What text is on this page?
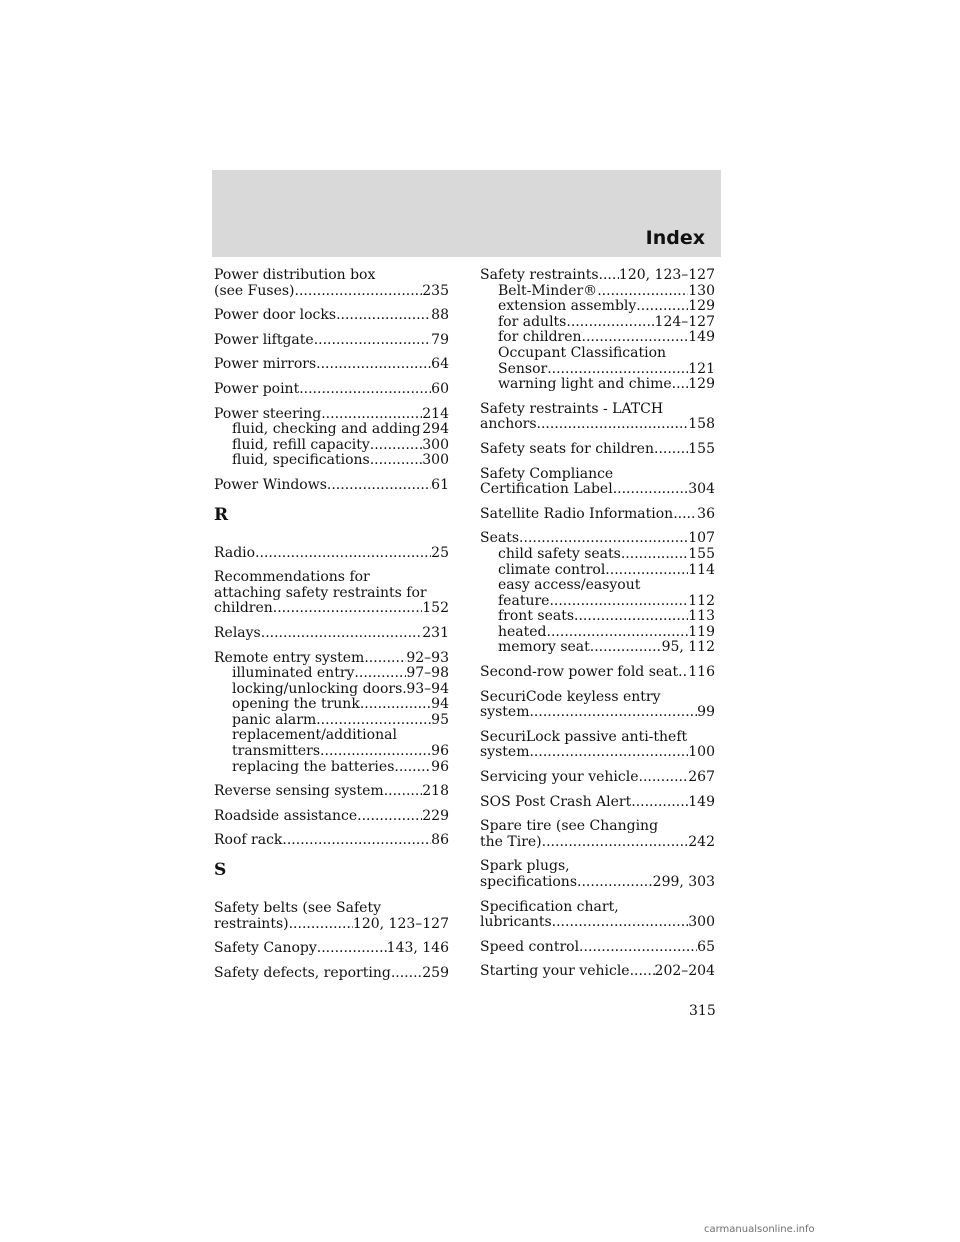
Index
Power distribution box
(see Fuses) .....	235
Power door locks .....	88
Power liftgate .....	79
Power mirrors .....	64
Power point .....	60
Power steering .....	214
fluid, checking and adding ..... 294
fluid, refill capacity .....	300
fluid, specifications .....	300
Power Windows .....	61
R
Radio .....	25
Recommendations for
attaching safety restraints for
children .....	152
Relays .....	231
Remote entry system .....	92–93
illuminated entry .....	97–98
locking/unlocking doors ..... 93–94
opening the trunk .....	94
panic alarm .....	95
replacement/additional
transmitters .....	96
replacing the batteries .....	96
Reverse sensing system .....	218
Roadside assistance .....	229
Roof rack .....	86
S
Safety belts (see Safety
restraints) .....	120, 123–127
Safety Canopy .....	143, 146
Safety defects, reporting ..... 259
Safety restraints ..... 120, 123–127
Belt-Minder® .....	130
extension assembly .....	129
for adults .....	124–127
for children .....	149
Occupant Classification
Sensor .....	121
warning light and chime ..... 129
Safety restraints - LATCH
anchors .....	158
Safety seats for children ..... 155
Safety Compliance
Certification Label .....	304
Satellite Radio Information ..... 36
Seats .....	107
child safety seats .....	155
climate control .....	114
easy access/easyout
feature .....	112
front seats .....	113
heated .....	119
memory seat .....	95, 112
Second-row power fold seat ..... 116
SecuriCode keyless entry
system .....	99
SecuriLock passive anti-theft
system .....	100
Servicing your vehicle .....	267
SOS Post Crash Alert .....	149
Spare tire (see Changing
the Tire) .....	242
Spark plugs,
specifications .....	299, 303
Specification chart,
lubricants .....	300
Speed control .....	65
Starting your vehicle ..... 202–204
315
carmanualsonline.info
